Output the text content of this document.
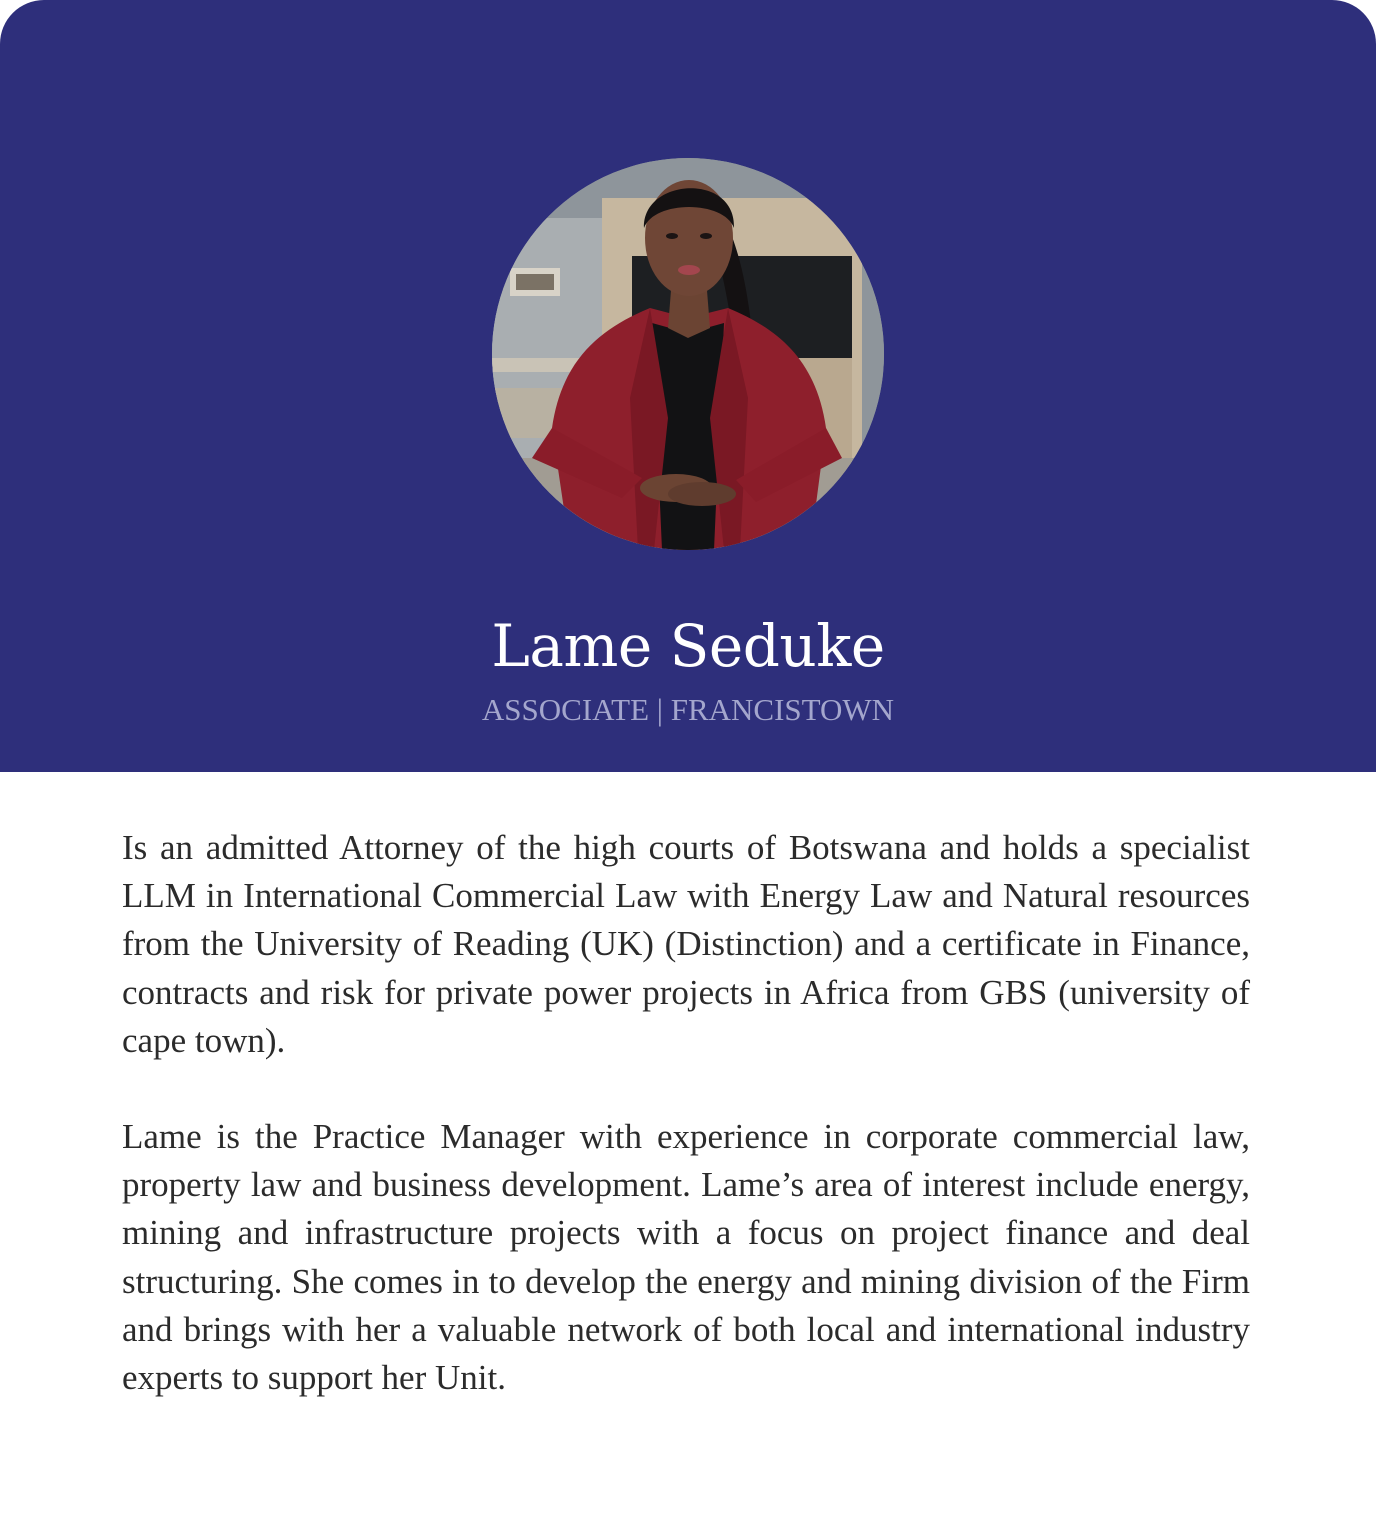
Lame Seduke
ASSOCIATE | FRANCISTOWN

Is an admitted Attorney of the high courts of Botswana and holds a specialist LLM in International Commercial Law with Energy Law and Natural resources from the University of Reading (UK) (Distinction) and a certificate in Finance, contracts and risk for private power projects in Africa from GBS (university of cape town).

Lame is the Practice Manager with experience in corporate commercial law, property law and business development. Lame’s area of interest include energy, mining and infrastructure projects with a focus on project finance and deal structuring. She comes in to develop the energy and mining division of the Firm and brings with her a valuable network of both local and international industry experts to support her Unit.
